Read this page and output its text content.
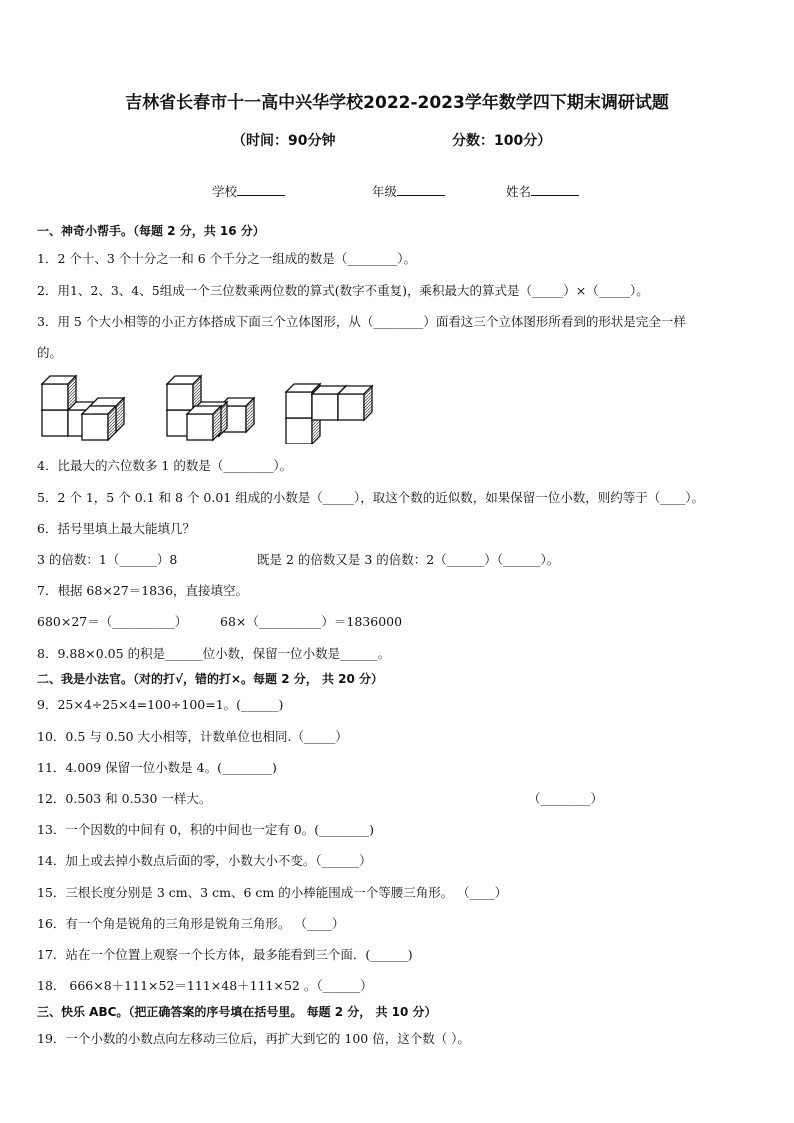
吉林省长春市十一高中兴华学校2022-2023学年数学四下期末调研试题
（时间：90分钟	分数：100分）
学校	年级	姓名
一、神奇小帮手。（每题 2 分，共 16 分）
1．2 个十、3 个十分之一和 6 个千分之一组成的数是（________）。
2．用1、2、3、4、5组成一个三位数乘两位数的算式(数字不重复)，乘积最大的算式是（_____）×（_____）。
3．用 5 个大小相等的小正方体搭成下面三个立体图形，从（________）面看这三个立体图形所看到的形状是完全一样
的。
4．比最大的六位数多 1 的数是（________）。
5．2 个 1，5 个 0.1 和 8 个 0.01 组成的小数是（_____），取这个数的近似数，如果保留一位小数，则约等于（____）。
6．括号里填上最大能填几？
3 的倍数：1（______）8	既是 2 的倍数又是 3 的倍数：2（______）（______）。
7．根据 68×27＝1836，直接填空。
680×27＝（__________）	68×（__________）＝1836000
8．9.88×0.05 的积是______位小数，保留一位小数是______。
二、我是小法官。（对的打√，错的打×。每题 2 分， 共 20 分）
9．25×4÷25×4=100÷100=1。(______)
10．0.5 与 0.50 大小相等，计数单位也相同.（_____）
11．4.009 保留一位小数是 4。(________)
12．0.503 和 0.530 一样大。	（________）
13．一个因数的中间有 0，积的中间也一定有 0。(________)
14．加上或去掉小数点后面的零，小数大小不变。（______）
15．三根长度分别是 3 cm、3 cm、6 cm 的小棒能围成一个等腰三角形。 （____）
16．有一个角是锐角的三角形是锐角三角形。 （____）
17．站在一个位置上观察一个长方体，最多能看到三个面．(______)
18． 666×8＋111×52＝111×48＋111×52 。（______）
三、快乐 ABC。（把正确答案的序号填在括号里。 每题 2 分， 共 10 分）
19．一个小数的小数点向左移动三位后，再扩大到它的 100 倍，这个数（ ）。
